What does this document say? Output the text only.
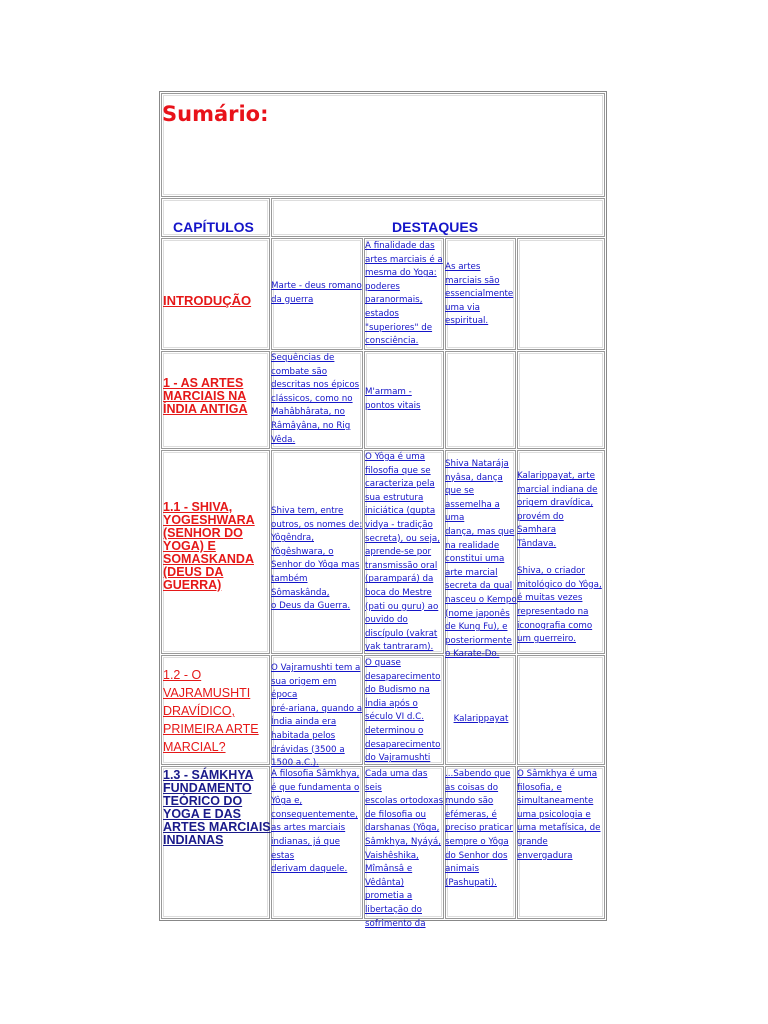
Sumário:
CAPÍTULOS	DESTAQUES
INTRODUÇÃO
Marte - deus romano
da guerra
A finalidade das
artes marciais é a
mesma do Yoga:
poderes
paranormais,
estados
"superiores" de
consciência.
As artes
marciais são
essencialmente
uma via
espiritual.
1 - AS ARTES
MARCIAIS NA
ÍNDIA ANTIGA
Sequências de
combate são
descritas nos épicos
clássicos, como no
Mahâbhârata, no
Râmâyâna, no Rig
Vêda.
M'armam -
pontos vitais
1.1 - SHIVA,
YOGESHWARA
(SENHOR DO
YOGA) E
SOMASKANDA
(DEUS DA
GUERRA)
Shiva tem, entre
outros, os nomes de:
Yôgêndra,
Yôgêshwara, o
Senhor do Yôga mas
também Sômaskânda,
o Deus da Guerra.
O Yôga é uma
filosofia que se
caracteriza pela
sua estrutura
iniciática (gupta
vidya - tradição
secreta), ou seja,
aprende-se por
transmissão oral
(parampará) da
boca do Mestre
(pati ou guru) ao
ouvido do
discípulo (vakrat
yak tantraram).
Shiva Natarája
nyâsa, dança
que se
assemelha a uma
dança, mas que
na realidade
constitui uma
arte marcial
secreta da qual
nasceu o Kempo
(nome japonês
de Kung Fu), e
posteriormente
o Karate-Do.
Kalarippayat, arte
marcial indiana de
origem dravídica,
provém do Samhara
Tândava.

Shiva, o criador
mitológico do Yôga,
é muitas vezes
representado na
iconografia como
um guerreiro.
1.2 - O
VAJRAMUSHTI
DRAVÍDICO,
PRIMEIRA ARTE
MARCIAL?
O Vajramushti tem a
sua origem em época
pré-ariana, quando a
Índia ainda era
habitada pelos
drávidas (3500 a
1500 a.C.).
O quase
desaparecimento
do Budismo na
Índia após o
século VI d.C.
determinou o
desaparecimento
do Vajramushti
Kalarippayat
1.3 - SÁMKHYA
FUNDAMENTO
TEÓRICO DO
YOGA E DAS
ARTES MARCIAIS
INDIANAS
A filosofia Sâmkhya,
é que fundamenta o
Yôga e,
consequentemente,
as artes marciais
indianas, já que estas
derivam daquele.
Cada uma das seis
escolas ortodoxas
de filosofia ou
darshanas (Yôga,
Sâmkhya, Nyáyá,
Vaishêshika,
Mîmânsâ e
Vêdânta)
prometia a
libertação do
sofrimento da
...Sabendo que
as coisas do
mundo são
efémeras, é
preciso praticar
sempre o Yôga
do Senhor dos
animais
(Pashupati).
O Sâmkhya é uma
filosofia, e
simultaneamente
uma psicologia e
uma metafísica, de
grande envergadura
